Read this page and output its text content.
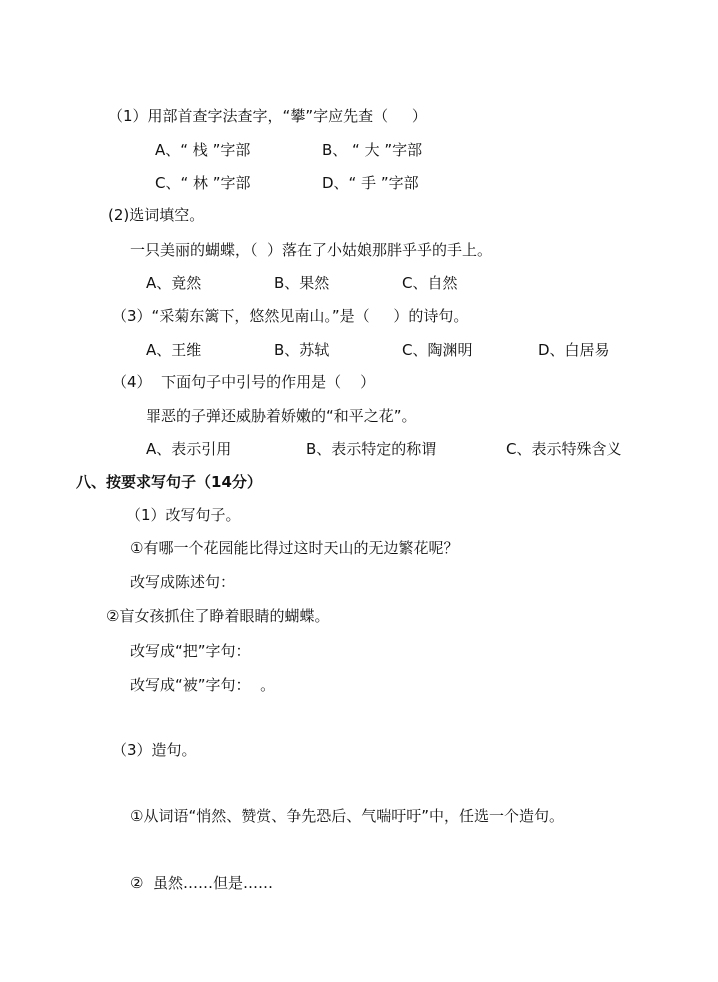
（1）用部首查字法查字，“攀”字应先查（     ）
A、“ 栈 ”字部	B、 “ 大 ”字部
C、“ 林 ”字部	D、“ 手 ”字部
(2)选词填空。
一只美丽的蝴蝶，（  ）落在了小姑娘那胖乎乎的手上。
A、竟然	B、果然	C、自然
（3）“采菊东篱下，悠然见南山。”是（     ）的诗句。
A、王维	B、苏轼	C、陶渊明	D、白居易
（4）  下面句子中引号的作用是（    ）
罪恶的子弹还威胁着娇嫩的“和平之花”。
A、表示引用	B、表示特定的称谓	C、表示特殊含义
八、按要求写句子（14分）
（1）改写句子。
①有哪一个花园能比得过这时天山的无边繁花呢？
改写成陈述句：
②盲女孩抓住了睁着眼睛的蝴蝶。
改写成“把”字句：
改写成“被”字句：  。
（3）造句。
①从词语“悄然、赞赏、争先恐后、气喘吁吁”中，任选一个造句。
②  虽然……但是……
